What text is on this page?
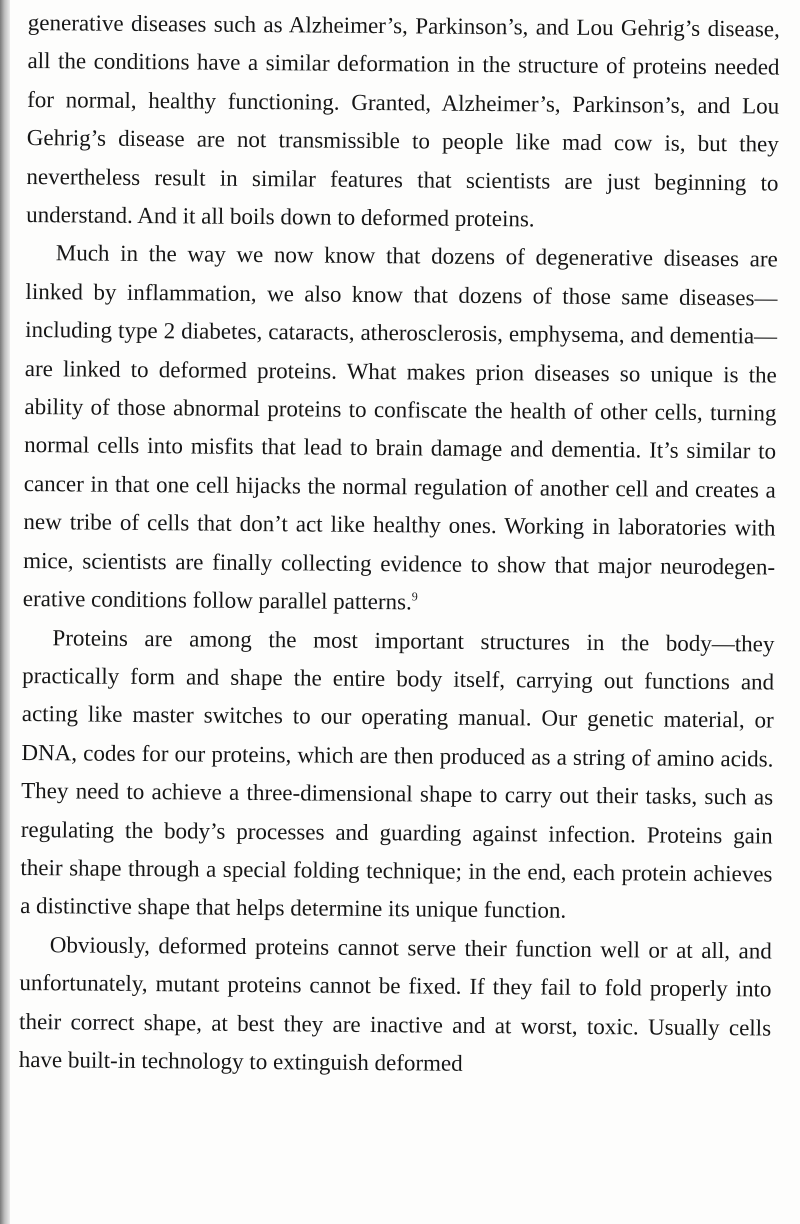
generative diseases such as Alzheimer’s, Parkinson’s, and Lou Gehrig’s disease, all the conditions have a similar deformation in the structure of proteins needed for normal, healthy functioning. Granted, Alzheimer’s, Parkinson’s, and Lou Gehrig’s disease are not transmissible to people like mad cow is, but they nevertheless result in similar features that scientists are just beginning to understand. And it all boils down to deformed proteins.

Much in the way we now know that dozens of degenerative diseases are linked by inflammation, we also know that dozens of those same diseases—including type 2 diabetes, cataracts, atherosclerosis, emphysema, and dementia—are linked to deformed proteins. What makes prion diseases so unique is the ability of those abnormal proteins to confiscate the health of other cells, turning normal cells into misfits that lead to brain damage and dementia. It’s similar to cancer in that one cell hijacks the normal regulation of another cell and creates a new tribe of cells that don’t act like healthy ones. Working in laboratories with mice, scientists are finally collecting evidence to show that major neurodegenerative conditions follow parallel patterns.$^9$

Proteins are among the most important structures in the body—they practically form and shape the entire body itself, carrying out functions and acting like master switches to our operating manual. Our genetic material, or DNA, codes for our proteins, which are then produced as a string of amino acids. They need to achieve a three-dimensional shape to carry out their tasks, such as regulating the body’s processes and guarding against infection. Proteins gain their shape through a special folding technique; in the end, each protein achieves a distinctive shape that helps determine its unique function.

Obviously, deformed proteins cannot serve their function well or at all, and unfortunately, mutant proteins cannot be fixed. If they fail to fold properly into their correct shape, at best they are inactive and at worst, toxic. Usually cells have built-in technology to extinguish deformed
